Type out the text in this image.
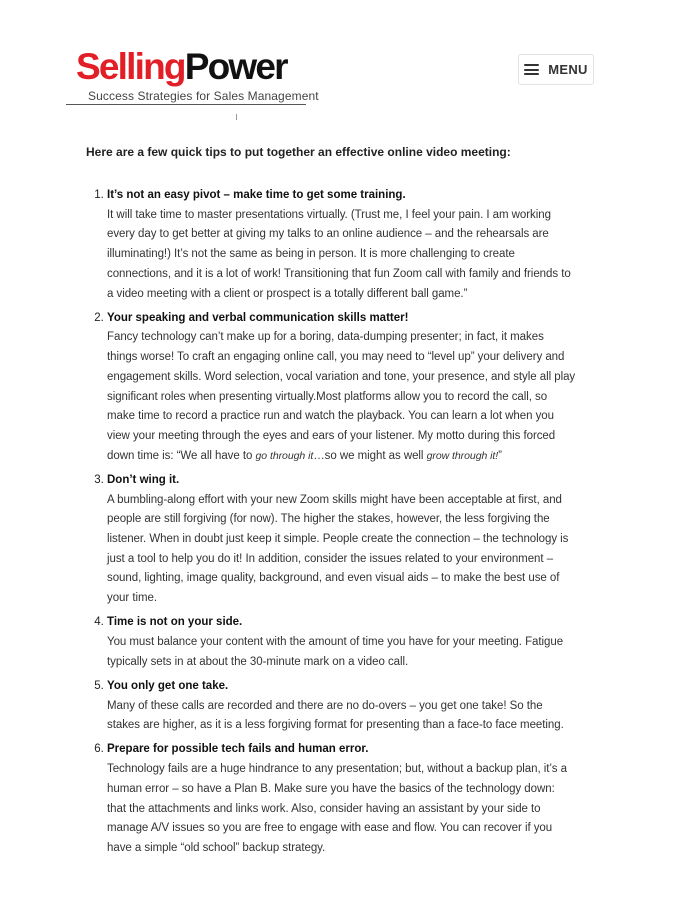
SellingPower
Success Strategies for Sales Management
MENU

Here are a few quick tips to put together an effective online video meeting:

1. It’s not an easy pivot – make time to get some training.
It will take time to master presentations virtually. (Trust me, I feel your pain. I am working every day to get better at giving my talks to an online audience – and the rehearsals are illuminating!) It’s not the same as being in person. It is more challenging to create connections, and it is a lot of work! Transitioning that fun Zoom call with family and friends to a video meeting with a client or prospect is a totally different ball game.”
2. Your speaking and verbal communication skills matter!
Fancy technology can’t make up for a boring, data-dumping presenter; in fact, it makes things worse! To craft an engaging online call, you may need to “level up” your delivery and engagement skills. Word selection, vocal variation and tone, your presence, and style all play significant roles when presenting virtually.Most platforms allow you to record the call, so make time to record a practice run and watch the playback. You can learn a lot when you view your meeting through the eyes and ears of your listener. My motto during this forced down time is: “We all have to go through it…so we might as well grow through it!”
3. Don’t wing it.
A bumbling-along effort with your new Zoom skills might have been acceptable at first, and people are still forgiving (for now). The higher the stakes, however, the less forgiving the listener. When in doubt just keep it simple. People create the connection – the technology is just a tool to help you do it! In addition, consider the issues related to your environment – sound, lighting, image quality, background, and even visual aids – to make the best use of your time.
4. Time is not on your side.
You must balance your content with the amount of time you have for your meeting. Fatigue typically sets in at about the 30-minute mark on a video call.
5. You only get one take.
Many of these calls are recorded and there are no do-overs – you get one take! So the stakes are higher, as it is a less forgiving format for presenting than a face-to face meeting.
6. Prepare for possible tech fails and human error.
Technology fails are a huge hindrance to any presentation; but, without a backup plan, it’s a human error – so have a Plan B. Make sure you have the basics of the technology down: that the attachments and links work. Also, consider having an assistant by your side to manage A/V issues so you are free to engage with ease and flow. You can recover if you have a simple “old school” backup strategy.
